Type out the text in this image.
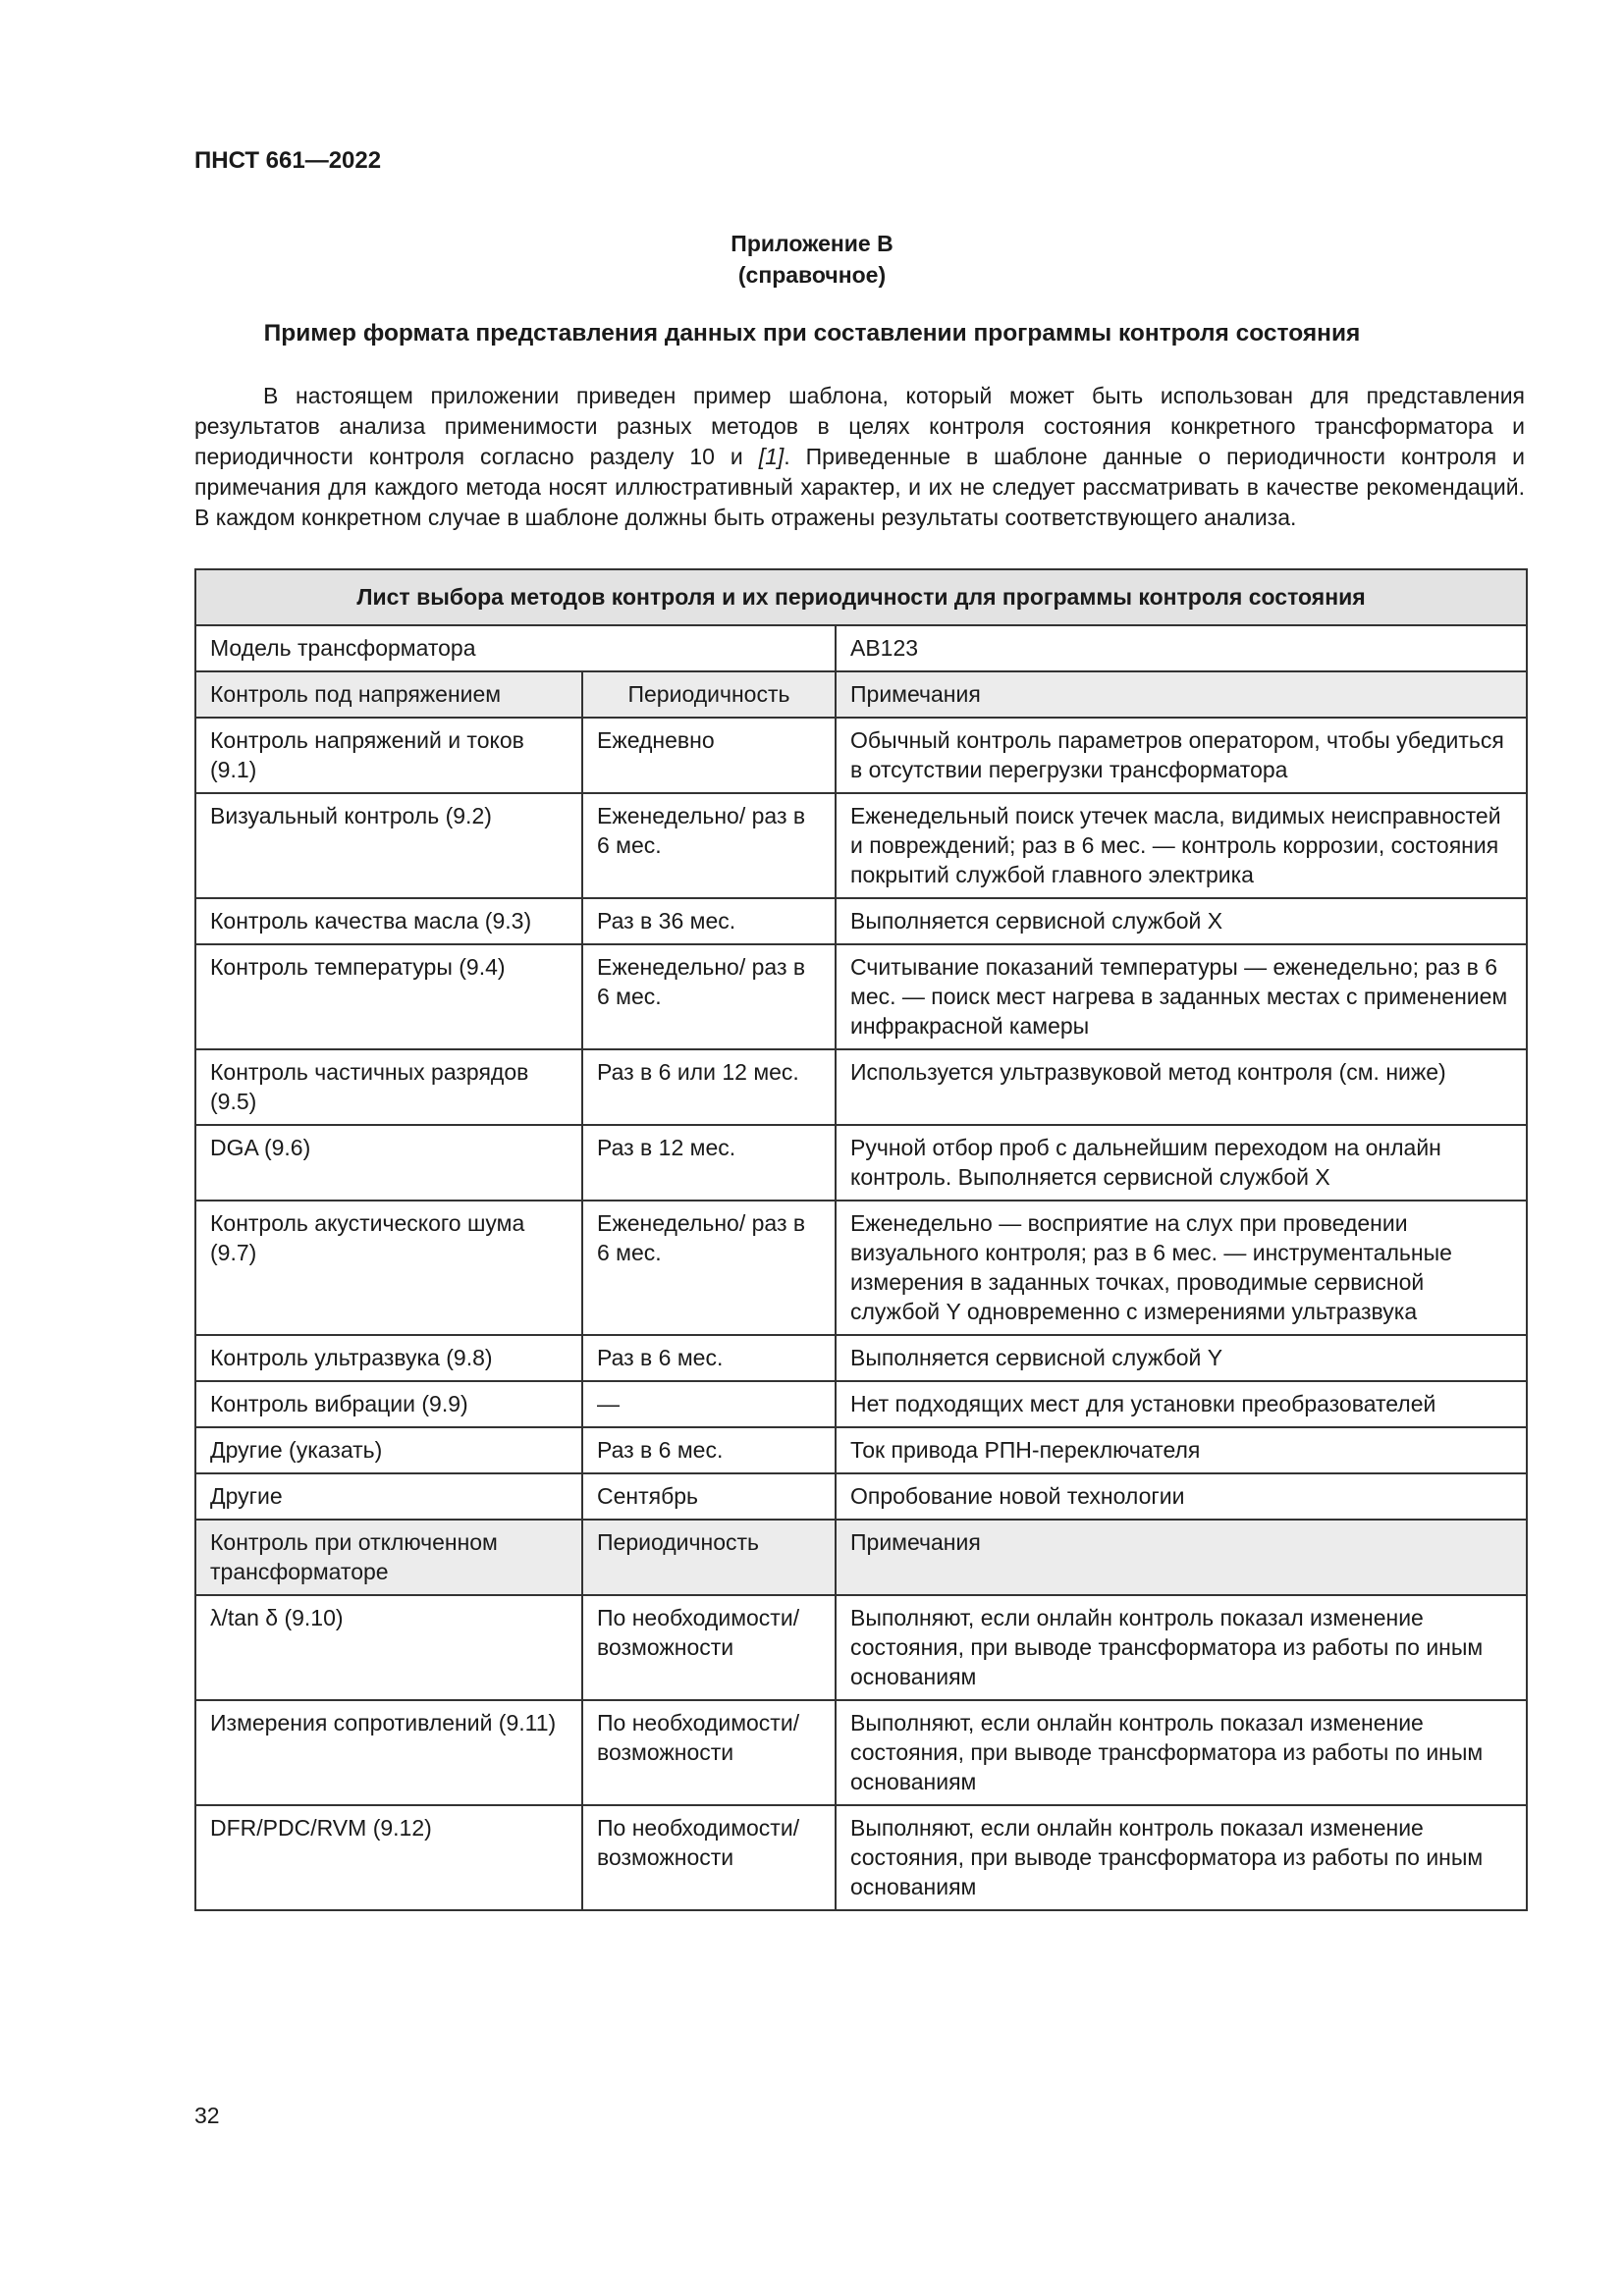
ПНСТ 661—2022
Приложение В
(справочное)
Пример формата представления данных при составлении программы контроля состояния

В настоящем приложении приведен пример шаблона, который может быть использован для представления результатов анализа применимости разных методов в целях контроля состояния конкретного трансформатора и периодичности контроля согласно разделу 10 и [1]. Приведенные в шаблоне данные о периодичности контроля и примечания для каждого метода носят иллюстративный характер, и их не следует рассматривать в качестве рекомендаций. В каждом конкретном случае в шаблоне должны быть отражены результаты соответствующего анализа.

Лист выбора методов контроля и их периодичности для программы контроля состояния		
Модель трансформатора		AB123
Контроль под напряжением	Периодичность	Примечания
Контроль напряжений и токов (9.1)	Ежедневно	Обычный контроль параметров оператором, чтобы убедиться в отсутствии перегрузки трансформатора
Визуальный контроль (9.2)	Еженедельно/ раз в 6 мес.	Еженедельный поиск утечек масла, видимых неисправностей и повреждений; раз в 6 мес. — контроль коррозии, состояния покрытий службой главного электрика
Контроль качества масла (9.3)	Раз в 36 мес.	Выполняется сервисной службой X
Контроль температуры (9.4)	Еженедельно/ раз в 6 мес.	Считывание показаний температуры — еженедельно; раз в 6 мес. — поиск мест нагрева в заданных местах с применением инфракрасной камеры
Контроль частичных разрядов (9.5)	Раз в 6 или 12 мес.	Используется ультразвуковой метод контроля (см. ниже)
DGA (9.6)	Раз в 12 мес.	Ручной отбор проб с дальнейшим переходом на онлайн контроль. Выполняется сервисной службой X
Контроль акустического шума (9.7)	Еженедельно/ раз в 6 мес.	Еженедельно — восприятие на слух при проведении визуального контроля; раз в 6 мес. — инструментальные измерения в заданных точках, проводимые сервисной службой Y одновременно с измерениями ультразвука
Контроль ультразвука (9.8)	Раз в 6 мес.	Выполняется сервисной службой Y
Контроль вибрации (9.9)	—	Нет подходящих мест для установки преобразователей
Другие (указать)	Раз в 6 мес.	Ток привода РПН-переключателя
Другие	Сентябрь	Опробование новой технологии
Контроль при отключенном трансформаторе	Периодичность	Примечания
λ/tan δ (9.10)	По необходимости/ возможности	Выполняют, если онлайн контроль показал изменение состояния, при выводе трансформатора из работы по иным основаниям
Измерения сопротивлений (9.11)	По необходимости/ возможности	Выполняют, если онлайн контроль показал изменение состояния, при выводе трансформатора из работы по иным основаниям
DFR/PDC/RVM (9.12)	По необходимости/ возможности	Выполняют, если онлайн контроль показал изменение состояния, при выводе трансформатора из работы по иным основаниям
32
